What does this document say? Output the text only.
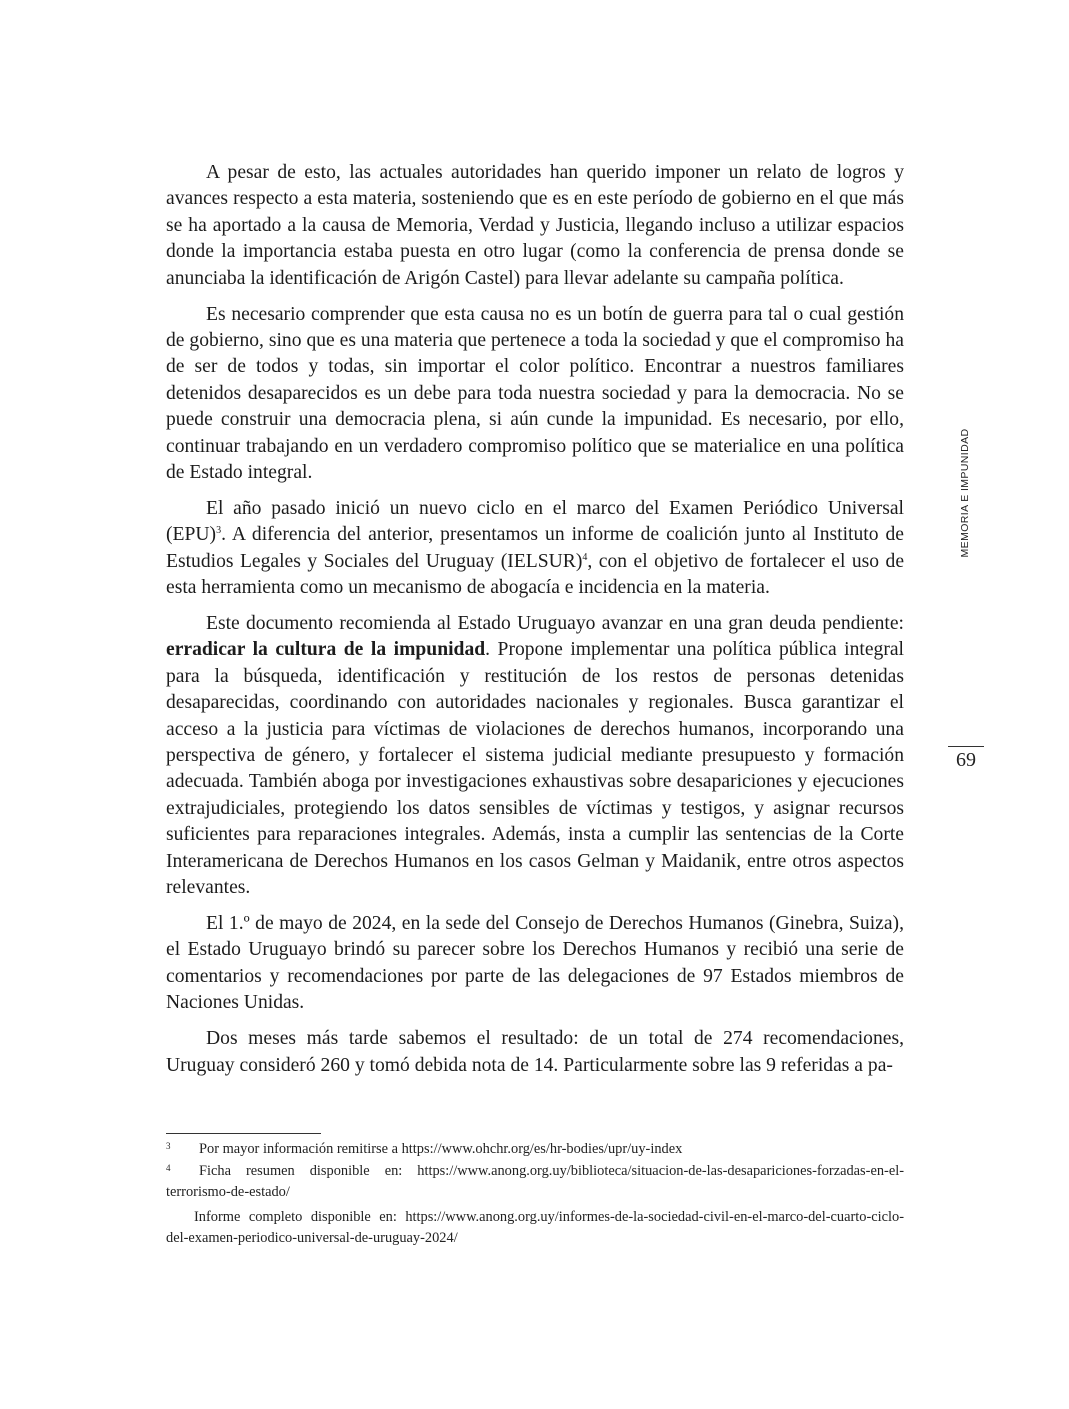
A pesar de esto, las actuales autoridades han querido imponer un relato de logros y avances respecto a esta materia, sosteniendo que es en este período de gobierno en el que más se ha aportado a la causa de Memoria, Verdad y Justicia, llegando incluso a utilizar espacios donde la importancia estaba puesta en otro lugar (como la conferencia de prensa donde se anunciaba la identificación de Arigón Castel) para llevar adelante su campaña política.

Es necesario comprender que esta causa no es un botín de guerra para tal o cual gestión de gobierno, sino que es una materia que pertenece a toda la sociedad y que el compromiso ha de ser de todos y todas, sin importar el color político. Encontrar a nuestros familiares detenidos desaparecidos es un debe para toda nuestra sociedad y para la democracia. No se puede construir una democracia plena, si aún cunde la impunidad. Es necesario, por ello, continuar trabajando en un verdadero compromiso político que se materialice en una política de Estado integral.

El año pasado inició un nuevo ciclo en el marco del Examen Periódico Universal (EPU)$^3$. A diferencia del anterior, presentamos un informe de coalición junto al Instituto de Estudios Legales y Sociales del Uruguay (IELSUR)$^4$, con el objetivo de fortalecer el uso de esta herramienta como un mecanismo de abogacía e incidencia en la materia.

Este documento recomienda al Estado Uruguayo avanzar en una gran deuda pendiente: erradicar la cultura de la impunidad. Propone implementar una política pública integral para la búsqueda, identificación y restitución de los restos de personas detenidas desaparecidas, coordinando con autoridades nacionales y regionales. Busca garantizar el acceso a la justicia para víctimas de violaciones de derechos humanos, incorporando una perspectiva de género, y fortalecer el sistema judicial mediante presupuesto y formación adecuada. También aboga por investigaciones exhaustivas sobre desapariciones y ejecuciones extrajudiciales, protegiendo los datos sensibles de víctimas y testigos, y asignar recursos suficientes para reparaciones integrales. Además, insta a cumplir las sentencias de la Corte Interamericana de Derechos Humanos en los casos Gelman y Maidanik, entre otros aspectos relevantes.

El 1.º de mayo de 2024, en la sede del Consejo de Derechos Humanos (Ginebra, Suiza), el Estado Uruguayo brindó su parecer sobre los Derechos Humanos y recibió una serie de comentarios y recomendaciones por parte de las delegaciones de 97 Estados miembros de Naciones Unidas.

Dos meses más tarde sabemos el resultado: de un total de 274 recomendaciones, Uruguay consideró 260 y tomó debida nota de 14. Particularmente sobre las 9 referidas a pa-

MEMORIA E IMPUNIDAD
69

3 Por mayor información remitirse a https://www.ohchr.org/es/hr-bodies/upr/uy-index

4 Ficha resumen disponible en: https://www.anong.org.uy/biblioteca/situacion-de-las-desapariciones-forzadas-en-el-terrorismo-de-estado/

Informe completo disponible en: https://www.anong.org.uy/informes-de-la-sociedad-civil-en-el-marco-del-cuarto-ciclo-del-examen-periodico-universal-de-uruguay-2024/
